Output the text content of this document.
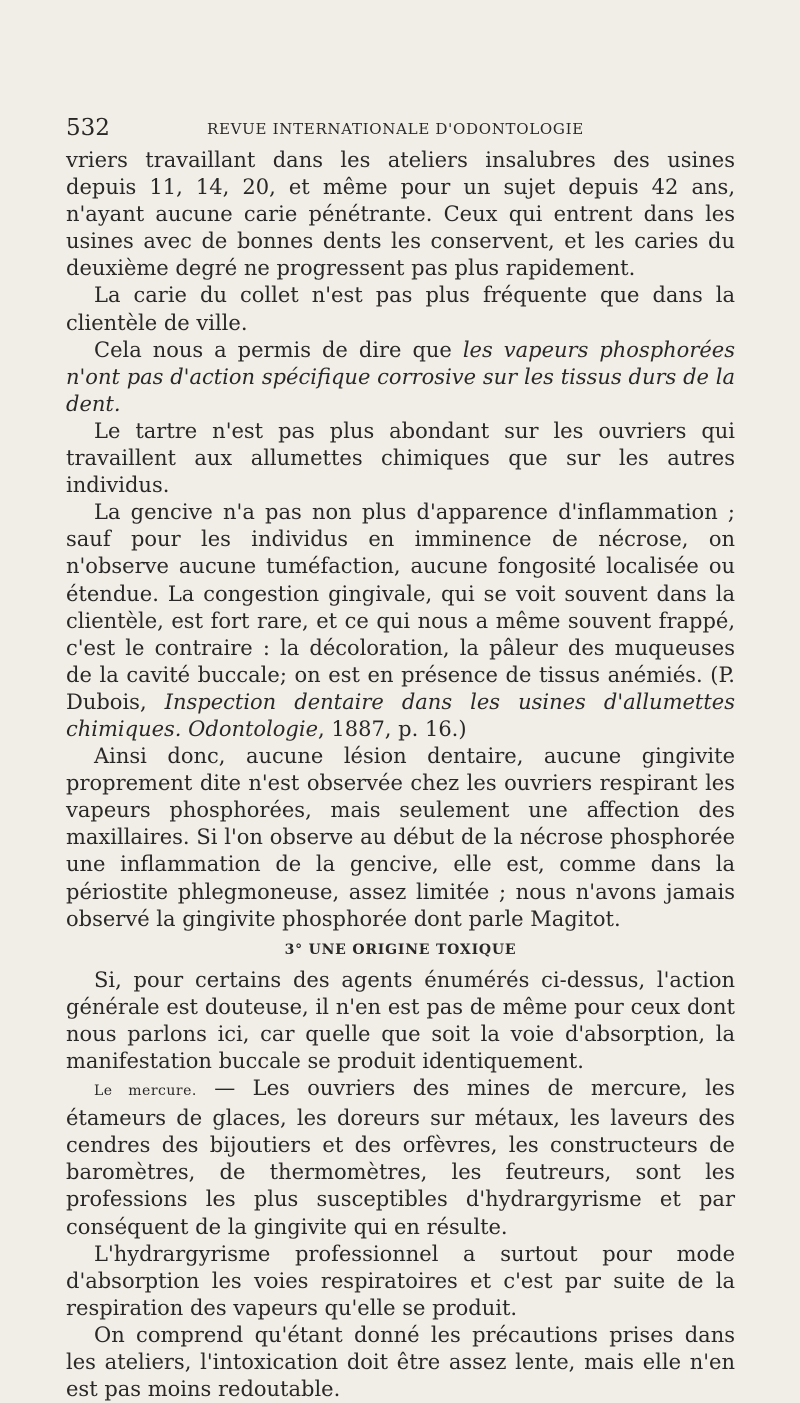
532	REVUE INTERNATIONALE D'ODONTOLOGIE

vriers travaillant dans les ateliers insalubres des usines depuis 11, 14, 20, et même pour un sujet depuis 42 ans, n'ayant aucune carie pénétrante. Ceux qui entrent dans les usines avec de bonnes dents les conservent, et les caries du deuxième degré ne progressent pas plus rapidement.

La carie du collet n'est pas plus fréquente que dans la clientèle de ville.

Cela nous a permis de dire que les vapeurs phosphorées n'ont pas d'action spécifique corrosive sur les tissus durs de la dent.

Le tartre n'est pas plus abondant sur les ouvriers qui travaillent aux allumettes chimiques que sur les autres individus.

La gencive n'a pas non plus d'apparence d'inflammation ; sauf pour les individus en imminence de nécrose, on n'observe aucune tuméfaction, aucune fongosité localisée ou étendue. La congestion gingivale, qui se voit souvent dans la clientèle, est fort rare, et ce qui nous a même souvent frappé, c'est le contraire : la décoloration, la pâleur des muqueuses de la cavité buccale; on est en présence de tissus anémiés. (P. Dubois, Inspection dentaire dans les usines d'allumettes chimiques. Odontologie, 1887, p. 16.)

Ainsi donc, aucune lésion dentaire, aucune gingivite proprement dite n'est observée chez les ouvriers respirant les vapeurs phosphorées, mais seulement une affection des maxillaires. Si l'on observe au début de la nécrose phosphorée une inflammation de la gencive, elle est, comme dans la périostite phlegmoneuse, assez limitée ; nous n'avons jamais observé la gingivite phosphorée dont parle Magitot.

3° UNE ORIGINE TOXIQUE

Si, pour certains des agents énumérés ci-dessus, l'action générale est douteuse, il n'en est pas de même pour ceux dont nous parlons ici, car quelle que soit la voie d'absorption, la manifestation buccale se produit identiquement.

Le mercure. — Les ouvriers des mines de mercure, les étameurs de glaces, les doreurs sur métaux, les laveurs des cendres des bijoutiers et des orfèvres, les constructeurs de baromètres, de thermomètres, les feutreurs, sont les professions les plus susceptibles d'hydrargyrisme et par conséquent de la gingivite qui en résulte.

L'hydrargyrisme professionnel a surtout pour mode d'absorption les voies respiratoires et c'est par suite de la respiration des vapeurs qu'elle se produit.

On comprend qu'étant donné les précautions prises dans les ateliers, l'intoxication doit être assez lente, mais elle n'en est pas moins redoutable.
